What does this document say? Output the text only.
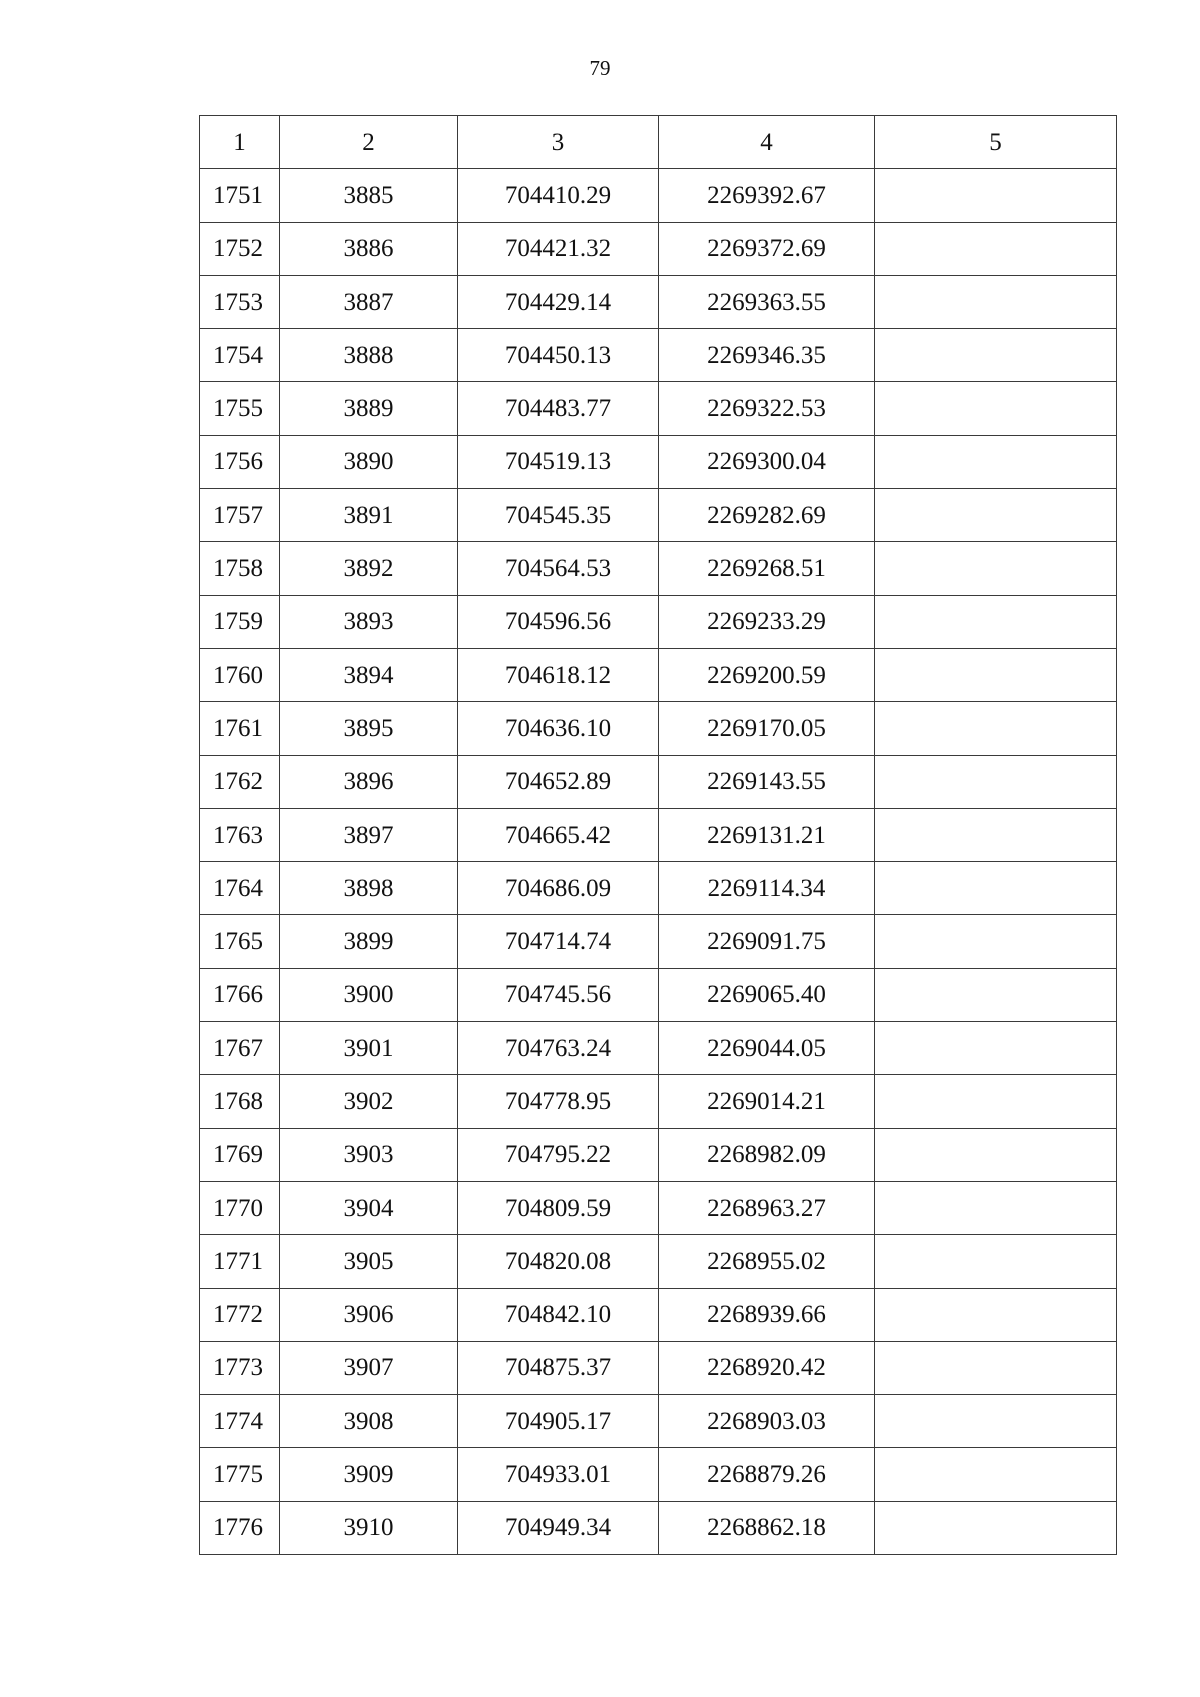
79
1	2	3	4	5
1751	3885	704410.29	2269392.67	
1752	3886	704421.32	2269372.69	
1753	3887	704429.14	2269363.55	
1754	3888	704450.13	2269346.35	
1755	3889	704483.77	2269322.53	
1756	3890	704519.13	2269300.04	
1757	3891	704545.35	2269282.69	
1758	3892	704564.53	2269268.51	
1759	3893	704596.56	2269233.29	
1760	3894	704618.12	2269200.59	
1761	3895	704636.10	2269170.05	
1762	3896	704652.89	2269143.55	
1763	3897	704665.42	2269131.21	
1764	3898	704686.09	2269114.34	
1765	3899	704714.74	2269091.75	
1766	3900	704745.56	2269065.40	
1767	3901	704763.24	2269044.05	
1768	3902	704778.95	2269014.21	
1769	3903	704795.22	2268982.09	
1770	3904	704809.59	2268963.27	
1771	3905	704820.08	2268955.02	
1772	3906	704842.10	2268939.66	
1773	3907	704875.37	2268920.42	
1774	3908	704905.17	2268903.03	
1775	3909	704933.01	2268879.26	
1776	3910	704949.34	2268862.18	
